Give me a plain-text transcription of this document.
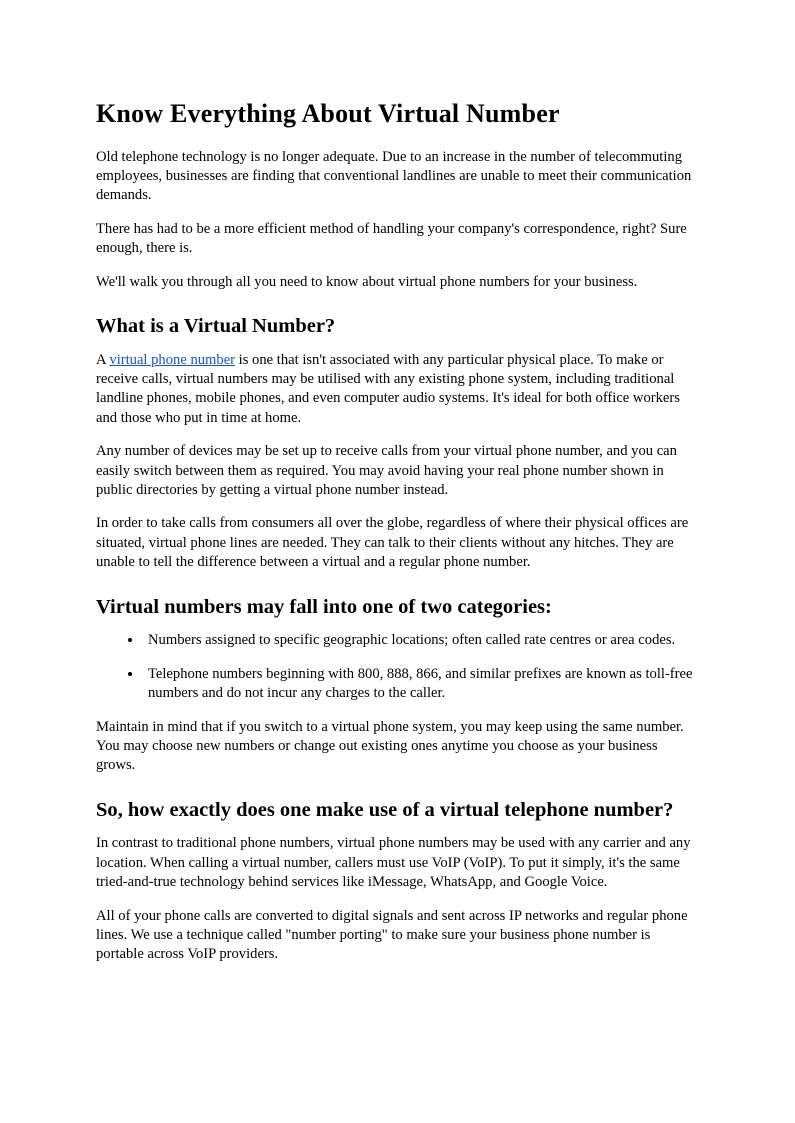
Know Everything About Virtual Number

Old telephone technology is no longer adequate. Due to an increase in the number of telecommuting employees, businesses are finding that conventional landlines are unable to meet their communication demands.

There has had to be a more efficient method of handling your company's correspondence, right? Sure enough, there is.

We'll walk you through all you need to know about virtual phone numbers for your business.

What is a Virtual Number?

A virtual phone number is one that isn't associated with any particular physical place. To make or receive calls, virtual numbers may be utilised with any existing phone system, including traditional landline phones, mobile phones, and even computer audio systems. It's ideal for both office workers and those who put in time at home.

Any number of devices may be set up to receive calls from your virtual phone number, and you can easily switch between them as required. You may avoid having your real phone number shown in public directories by getting a virtual phone number instead.

In order to take calls from consumers all over the globe, regardless of where their physical offices are situated, virtual phone lines are needed. They can talk to their clients without any hitches. They are unable to tell the difference between a virtual and a regular phone number.

Virtual numbers may fall into one of two categories:
• Numbers assigned to specific geographic locations; often called rate centres or area codes.
• Telephone numbers beginning with 800, 888, 866, and similar prefixes are known as toll-free numbers and do not incur any charges to the caller.

Maintain in mind that if you switch to a virtual phone system, you may keep using the same number. You may choose new numbers or change out existing ones anytime you choose as your business grows.

So, how exactly does one make use of a virtual telephone number?

In contrast to traditional phone numbers, virtual phone numbers may be used with any carrier and any location. When calling a virtual number, callers must use VoIP (VoIP). To put it simply, it's the same tried-and-true technology behind services like iMessage, WhatsApp, and Google Voice.

All of your phone calls are converted to digital signals and sent across IP networks and regular phone lines. We use a technique called "number porting" to make sure your business phone number is portable across VoIP providers.
